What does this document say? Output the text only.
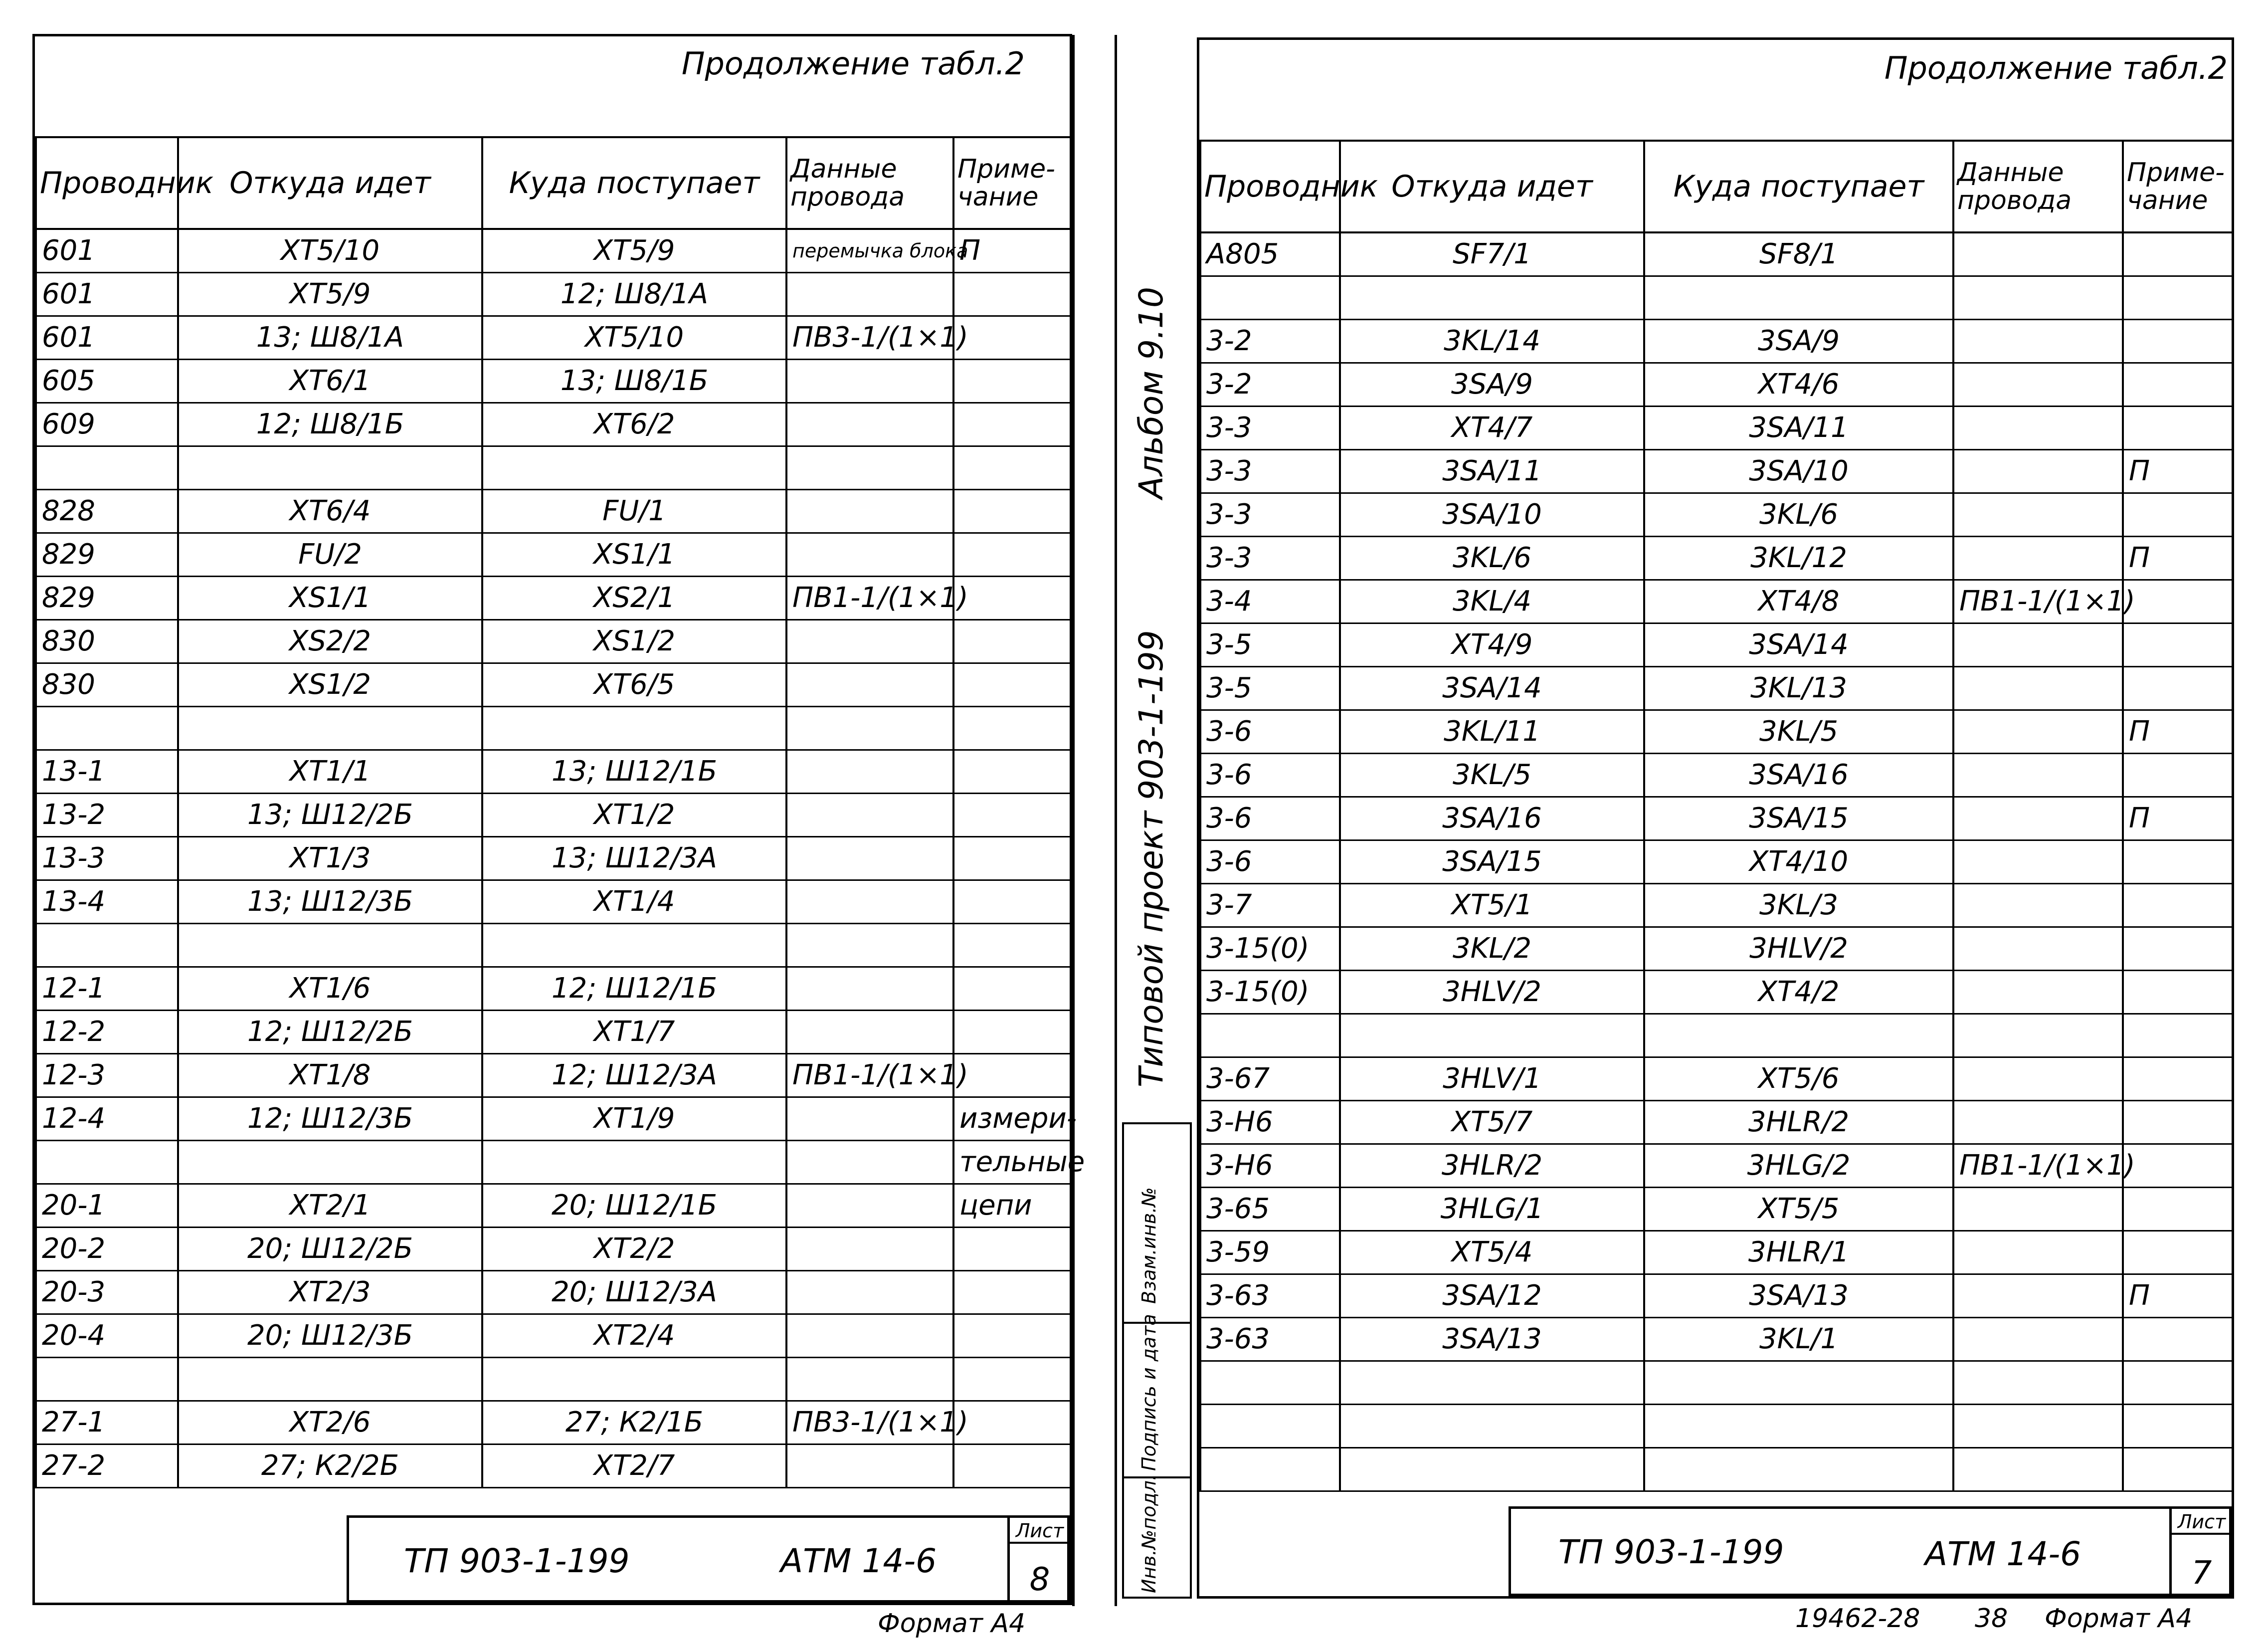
Продолжение табл.2
Проводник	Откуда идет	Куда поступает	Данные провода	Приме-чание
601	XT5/10	XT5/9	перемычка блока	П
601	XT5/9	12; Ш8/1А		
601	13; Ш8/1А	XT5/10	ПВ3-1/(1×1)	
605	XT6/1	13; Ш8/1Б		
609	12; Ш8/1Б	XT6/2		

828	XT6/4	FU/1		
829	FU/2	XS1/1		
829	XS1/1	XS2/1	ПВ1-1/(1×1)	
830	XS2/2	XS1/2		
830	XS1/2	XT6/5		

13-1	XT1/1	13; Ш12/1Б		
13-2	13; Ш12/2Б	XT1/2		
13-3	XT1/3	13; Ш12/3А		
13-4	13; Ш12/3Б	XT1/4		

12-1	XT1/6	12; Ш12/1Б		
12-2	12; Ш12/2Б	XT1/7		
12-3	XT1/8	12; Ш12/3А	ПВ1-1/(1×1)	
12-4	12; Ш12/3Б	XT1/9		измери-
				тельные
20-1	XT2/1	20; Ш12/1Б		цепи
20-2	20; Ш12/2Б	XT2/2		
20-3	XT2/3	20; Ш12/3А		
20-4	20; Ш12/3Б	XT2/4		

27-1	XT2/6	27; К2/1Б	ПВ3-1/(1×1)	
27-2	27; К2/2Б	XT2/7		
ТП 903-1-199	АТМ 14-6
Лист
8
Формат А4
Альбом 9.10
Типовой проект 903-1-199
Взам.инв.№
Подпись и дата
Инв.№подл.
Продолжение табл.2
Проводник	Откуда идет	Куда поступает	Данные провода	Приме-чание
А805	SF7/1	SF8/1		

3-2	3KL/14	3SA/9		
3-2	3SA/9	XT4/6		
3-3	XT4/7	3SA/11		
3-3	3SA/11	3SA/10		П
3-3	3SA/10	3KL/6		
3-3	3KL/6	3KL/12		П
3-4	3KL/4	XT4/8	ПВ1-1/(1×1)	
3-5	XT4/9	3SA/14		
3-5	3SA/14	3KL/13		
3-6	3KL/11	3KL/5		П
3-6	3KL/5	3SA/16		
3-6	3SA/16	3SA/15		П
3-6	3SA/15	XT4/10		
3-7	XT5/1	3KL/3		
3-15(0)	3KL/2	3HLV/2		
3-15(0)	3HLV/2	XT4/2		

3-67	3HLV/1	XT5/6		
3-Н6	XT5/7	3HLR/2		
3-Н6	3HLR/2	3HLG/2	ПВ1-1/(1×1)	
3-65	3HLG/1	XT5/5		
3-59	XT5/4	3HLR/1		
3-63	3SA/12	3SA/13		П
3-63	3SA/13	3KL/1		

ТП 903-1-199	АТМ 14-6
Лист
7
19462-28 38 Формат А4
